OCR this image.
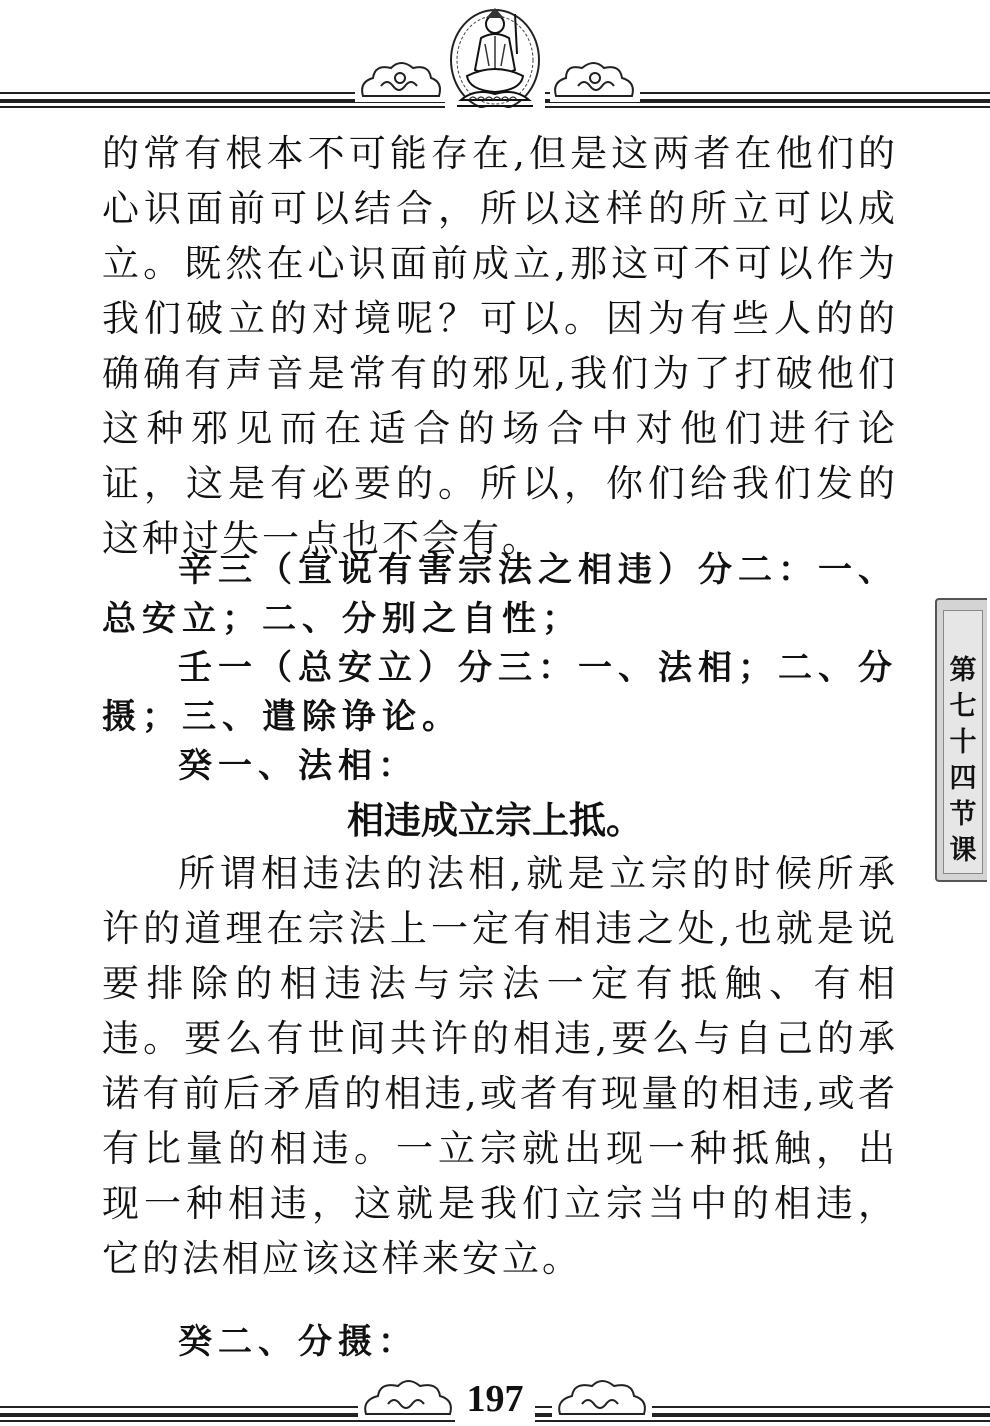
的常有根本不可能存在,但是这两者在他们的心识面前可以结合，所以这样的所立可以成立。既然在心识面前成立,那这可不可以作为我们破立的对境呢？可以。因为有些人的的确确有声音是常有的邪见,我们为了打破他们这种邪见而在适合的场合中对他们进行论证，这是有必要的。所以，你们给我们发的这种过失一点也不会有。

辛三（宣说有害宗法之相违）分二：一、总安立；二、分别之自性；

壬一（总安立）分三：一、法相；二、分摄；三、遣除诤论。

癸一、法相：

相违成立宗上抵。

所谓相违法的法相,就是立宗的时候所承许的道理在宗法上一定有相违之处,也就是说要排除的相违法与宗法一定有抵触、有相违。要么有世间共许的相违,要么与自己的承诺有前后矛盾的相违,或者有现量的相违,或者有比量的相违。一立宗就出现一种抵触，出现一种相违，这就是我们立宗当中的相违，它的法相应该这样来安立。

癸二、分摄：

第七十四节课
197
